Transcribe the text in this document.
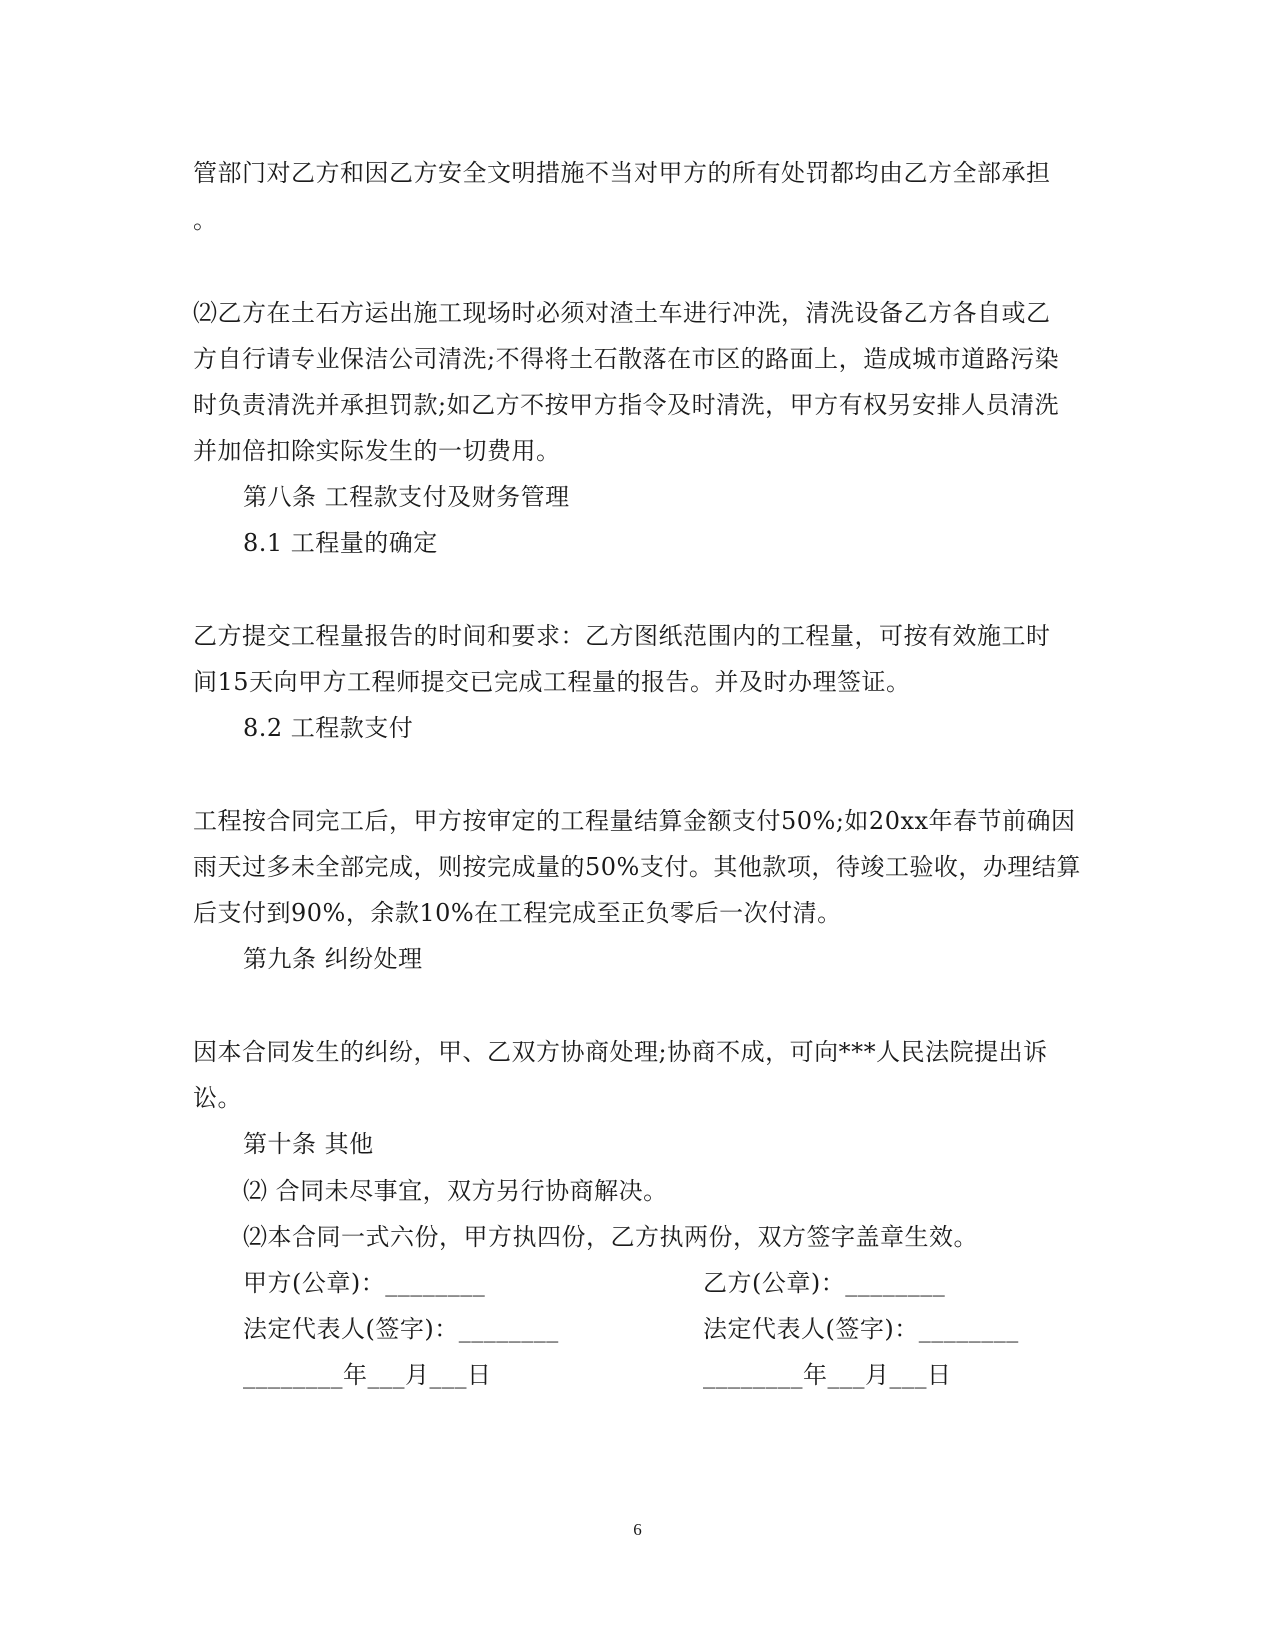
管部门对乙方和因乙方安全文明措施不当对甲方的所有处罚都均由乙方全部承担
。
⑵乙方在土石方运出施工现场时必须对渣土车进行冲洗，清洗设备乙方各自或乙
方自行请专业保洁公司清洗;不得将土石散落在市区的路面上，造成城市道路污染
时负责清洗并承担罚款;如乙方不按甲方指令及时清洗，甲方有权另安排人员清洗
并加倍扣除实际发生的一切费用。
第八条 工程款支付及财务管理
8.1 工程量的确定
乙方提交工程量报告的时间和要求：乙方图纸范围内的工程量，可按有效施工时
间15天向甲方工程师提交已完成工程量的报告。并及时办理签证。
8.2 工程款支付
工程按合同完工后，甲方按审定的工程量结算金额支付50%;如20xx年春节前确因
雨天过多未全部完成，则按完成量的50%支付。其他款项，待竣工验收，办理结算
后支付到90%，余款10%在工程完成至正负零后一次付清。
第九条 纠纷处理
因本合同发生的纠纷，甲、乙双方协商处理;协商不成，可向***人民法院提出诉
讼。
第十条 其他
⑵ 合同未尽事宜，双方另行协商解决。
⑵本合同一式六份，甲方执四份，乙方执两份，双方签字盖章生效。
甲方(公章)：________	乙方(公章)：________
法定代表人(签字)：________	法定代表人(签字)：________
________年___月___日	________年___月___日
6
